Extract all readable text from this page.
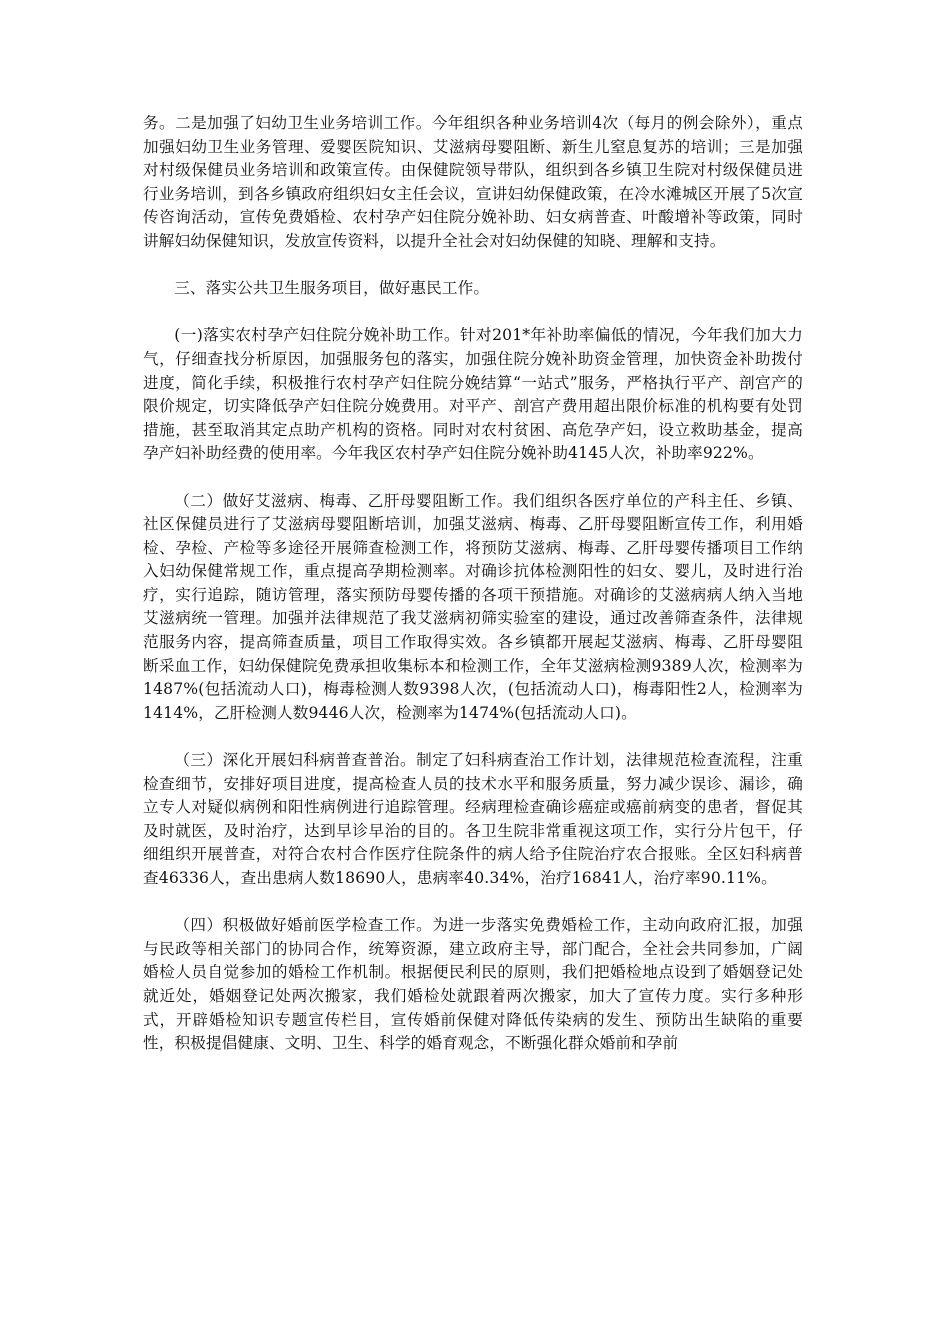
务。二是加强了妇幼卫生业务培训工作。今年组织各种业务培训4次（每月的例会除外），重点加强妇幼卫生业务管理、爱婴医院知识、艾滋病母婴阻断、新生儿窒息复苏的培训；三是加强对村级保健员业务培训和政策宣传。由保健院领导带队，组织到各乡镇卫生院对村级保健员进行业务培训，到各乡镇政府组织妇女主任会议，宣讲妇幼保健政策，在冷水滩城区开展了5次宣传咨询活动，宣传免费婚检、农村孕产妇住院分娩补助、妇女病普查、叶酸增补等政策，同时讲解妇幼保健知识，发放宣传资料，以提升全社会对妇幼保健的知晓、理解和支持。

三、落实公共卫生服务项目，做好惠民工作。

(一)落实农村孕产妇住院分娩补助工作。针对201*年补助率偏低的情况，今年我们加大力气，仔细查找分析原因，加强服务包的落实，加强住院分娩补助资金管理，加快资金补助拨付进度，简化手续，积极推行农村孕产妇住院分娩结算“一站式”服务，严格执行平产、剖宫产的限价规定，切实降低孕产妇住院分娩费用。对平产、剖宫产费用超出限价标准的机构要有处罚措施，甚至取消其定点助产机构的资格。同时对农村贫困、高危孕产妇，设立救助基金，提高孕产妇补助经费的使用率。今年我区农村孕产妇住院分娩补助4145人次，补助率922%。

（二）做好艾滋病、梅毒、乙肝母婴阻断工作。我们组织各医疗单位的产科主任、乡镇、社区保健员进行了艾滋病母婴阻断培训，加强艾滋病、梅毒、乙肝母婴阻断宣传工作，利用婚检、孕检、产检等多途径开展筛查检测工作，将预防艾滋病、梅毒、乙肝母婴传播项目工作纳入妇幼保健常规工作，重点提高孕期检测率。对确诊抗体检测阳性的妇女、婴儿，及时进行治疗，实行追踪，随访管理，落实预防母婴传播的各项干预措施。对确诊的艾滋病病人纳入当地艾滋病统一管理。加强并法律规范了我艾滋病初筛实验室的建设，通过改善筛查条件，法律规范服务内容，提高筛查质量，项目工作取得实效。各乡镇都开展起艾滋病、梅毒、乙肝母婴阻断采血工作，妇幼保健院免费承担收集标本和检测工作，全年艾滋病检测9389人次，检测率为1487%(包括流动人口)，梅毒检测人数9398人次，(包括流动人口)，梅毒阳性2人，检测率为1414%，乙肝检测人数9446人次，检测率为1474%(包括流动人口)。

（三）深化开展妇科病普查普治。制定了妇科病查治工作计划，法律规范检查流程，注重检查细节，安排好项目进度，提高检查人员的技术水平和服务质量，努力减少误诊、漏诊，确立专人对疑似病例和阳性病例进行追踪管理。经病理检查确诊癌症或癌前病变的患者，督促其及时就医，及时治疗，达到早诊早治的目的。各卫生院非常重视这项工作，实行分片包干，仔细组织开展普查，对符合农村合作医疗住院条件的病人给予住院治疗农合报账。全区妇科病普查46336人，查出患病人数18690人，患病率40.34%，治疗16841人，治疗率90.11%。

（四）积极做好婚前医学检查工作。为进一步落实免费婚检工作，主动向政府汇报，加强与民政等相关部门的协同合作，统筹资源，建立政府主导，部门配合，全社会共同参加，广阔婚检人员自觉参加的婚检工作机制。根据便民利民的原则，我们把婚检地点设到了婚姻登记处就近处，婚姻登记处两次搬家，我们婚检处就跟着两次搬家，加大了宣传力度。实行多种形式，开辟婚检知识专题宣传栏目，宣传婚前保健对降低传染病的发生、预防出生缺陷的重要性，积极提倡健康、文明、卫生、科学的婚育观念，不断强化群众婚前和孕前
